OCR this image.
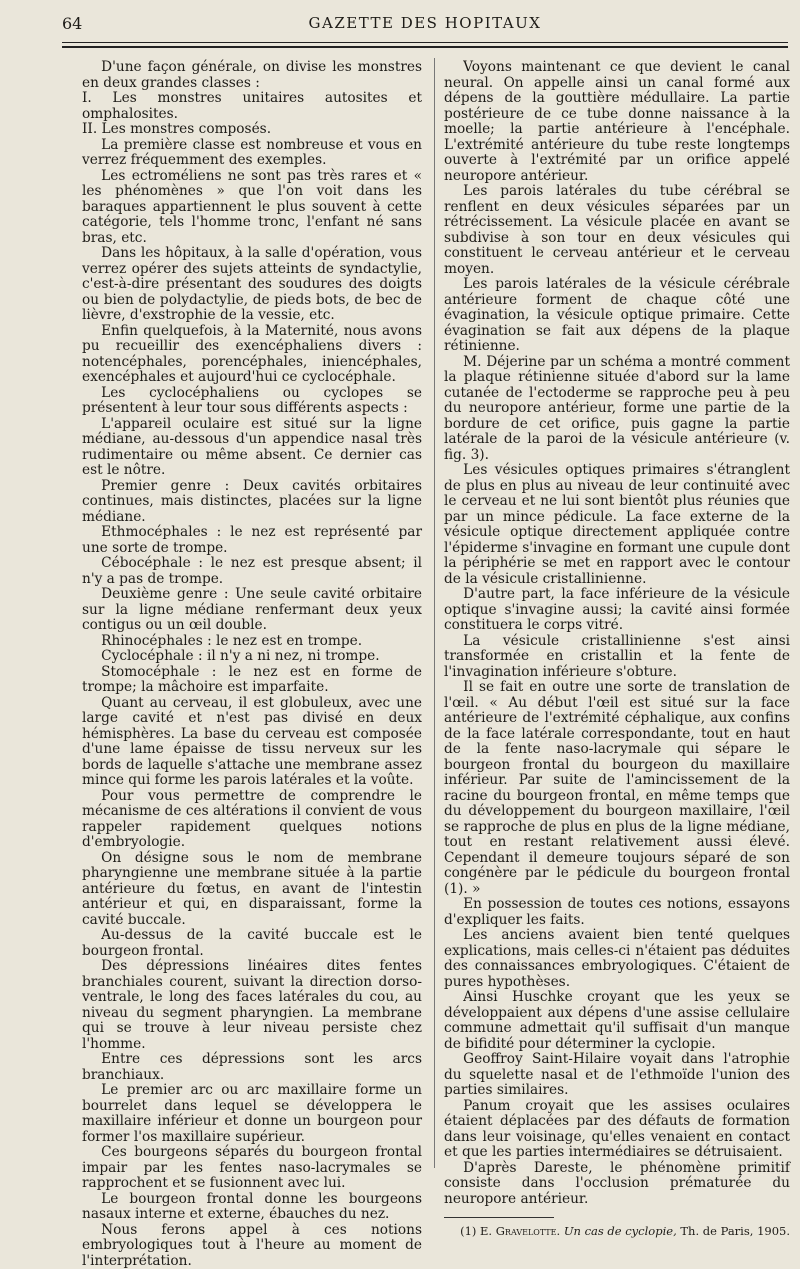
64	GAZETTE DES HOPITAUX

D'une façon générale, on divise les monstres en deux grandes classes :

I. Les monstres unitaires autosites et omphalosites.

II. Les monstres composés.

La première classe est nombreuse et vous en verrez fréquemment des exemples.

Les ectroméliens ne sont pas très rares et « les phénomènes » que l'on voit dans les baraques appartiennent le plus souvent à cette catégorie, tels l'homme tronc, l'enfant né sans bras, etc.

Dans les hôpitaux, à la salle d'opération, vous verrez opérer des sujets atteints de syndactylie, c'est-à-dire présentant des soudures des doigts ou bien de polydactylie, de pieds bots, de bec de lièvre, d'exstrophie de la vessie, etc.

Enfin quelquefois, à la Maternité, nous avons pu recueillir des exencéphaliens divers : notencéphales, porencéphales, iniencéphales, exencéphales et aujourd'hui ce cyclocéphale.

Les cyclocéphaliens ou cyclopes se présentent à leur tour sous différents aspects :

L'appareil oculaire est situé sur la ligne médiane, au-dessous d'un appendice nasal très rudimentaire ou même absent. Ce dernier cas est le nôtre.

Premier genre : Deux cavités orbitaires continues, mais distinctes, placées sur la ligne médiane.

Ethmocéphales : le nez est représenté par une sorte de trompe.

Cébocéphale : le nez est presque absent; il n'y a pas de trompe.

Deuxième genre : Une seule cavité orbitaire sur la ligne médiane renfermant deux yeux contigus ou un œil double.

Rhinocéphales : le nez est en trompe.

Cyclocéphale : il n'y a ni nez, ni trompe.

Stomocéphale : le nez est en forme de trompe; la mâchoire est imparfaite.

Quant au cerveau, il est globuleux, avec une large cavité et n'est pas divisé en deux hémisphères. La base du cerveau est composée d'une lame épaisse de tissu nerveux sur les bords de laquelle s'attache une membrane assez mince qui forme les parois latérales et la voûte.

Pour vous permettre de comprendre le mécanisme de ces altérations il convient de vous rappeler rapidement quelques notions d'embryologie.

On désigne sous le nom de membrane pharyngienne une membrane située à la partie antérieure du fœtus, en avant de l'intestin antérieur et qui, en disparaissant, forme la cavité buccale.

Au-dessus de la cavité buccale est le bourgeon frontal.

Des dépressions linéaires dites fentes branchiales courent, suivant la direction dorso-ventrale, le long des faces latérales du cou, au niveau du segment pharyngien. La membrane qui se trouve à leur niveau persiste chez l'homme.

Entre ces dépressions sont les arcs branchiaux.

Le premier arc ou arc maxillaire forme un bourrelet dans lequel se développera le maxillaire inférieur et donne un bourgeon pour former l'os maxillaire supérieur.

Ces bourgeons séparés du bourgeon frontal impair par les fentes naso-lacrymales se rapprochent et se fusionnent avec lui.

Le bourgeon frontal donne les bourgeons nasaux interne et externe, ébauches du nez.

Nous ferons appel à ces notions embryologiques tout à l'heure au moment de l'interprétation.

Voyons maintenant ce que devient le canal neural. On appelle ainsi un canal formé aux dépens de la gouttière médullaire. La partie postérieure de ce tube donne naissance à la moelle; la partie antérieure à l'encéphale. L'extrémité antérieure du tube reste longtemps ouverte à l'extrémité par un orifice appelé neuropore antérieur.

Les parois latérales du tube cérébral se renflent en deux vésicules séparées par un rétrécissement. La vésicule placée en avant se subdivise à son tour en deux vésicules qui constituent le cerveau antérieur et le cerveau moyen.

Les parois latérales de la vésicule cérébrale antérieure forment de chaque côté une évagination, la vésicule optique primaire. Cette évagination se fait aux dépens de la plaque rétinienne.

M. Déjerine par un schéma a montré comment la plaque rétinienne située d'abord sur la lame cutanée de l'ectoderme se rapproche peu à peu du neuropore antérieur, forme une partie de la bordure de cet orifice, puis gagne la partie latérale de la paroi de la vésicule antérieure (v. fig. 3).

Les vésicules optiques primaires s'étranglent de plus en plus au niveau de leur continuité avec le cerveau et ne lui sont bientôt plus réunies que par un mince pédicule. La face externe de la vésicule optique directement appliquée contre l'épiderme s'invagine en formant une cupule dont la périphérie se met en rapport avec le contour de la vésicule cristallinienne.

D'autre part, la face inférieure de la vésicule optique s'invagine aussi; la cavité ainsi formée constituera le corps vitré.

La vésicule cristallinienne s'est ainsi transformée en cristallin et la fente de l'invagination inférieure s'obture.

Il se fait en outre une sorte de translation de l'œil. « Au début l'œil est situé sur la face antérieure de l'extrémité céphalique, aux confins de la face latérale correspondante, tout en haut de la fente naso-lacrymale qui sépare le bourgeon frontal du bourgeon du maxillaire inférieur. Par suite de l'amincissement de la racine du bourgeon frontal, en même temps que du développement du bourgeon maxillaire, l'œil se rapproche de plus en plus de la ligne médiane, tout en restant relativement aussi élevé. Cependant il demeure toujours séparé de son congénère par le pédicule du bourgeon frontal (1). »

En possession de toutes ces notions, essayons d'expliquer les faits.

Les anciens avaient bien tenté quelques explications, mais celles-ci n'étaient pas déduites des connaissances embryologiques. C'étaient de pures hypothèses.

Ainsi Huschke croyant que les yeux se développaient aux dépens d'une assise cellulaire commune admettait qu'il suffisait d'un manque de bifidité pour déterminer la cyclopie.

Geoffroy Saint-Hilaire voyait dans l'atrophie du squelette nasal et de l'ethmoïde l'union des parties similaires.

Panum croyait que les assises oculaires étaient déplacées par des défauts de formation dans leur voisinage, qu'elles venaient en contact et que les parties intermédiaires se détruisaient.

D'après Dareste, le phénomène primitif consiste dans l'occlusion prématurée du neuropore antérieur.

(1) E. Gravelotte. Un cas de cyclopie, Th. de Paris, 1905.
